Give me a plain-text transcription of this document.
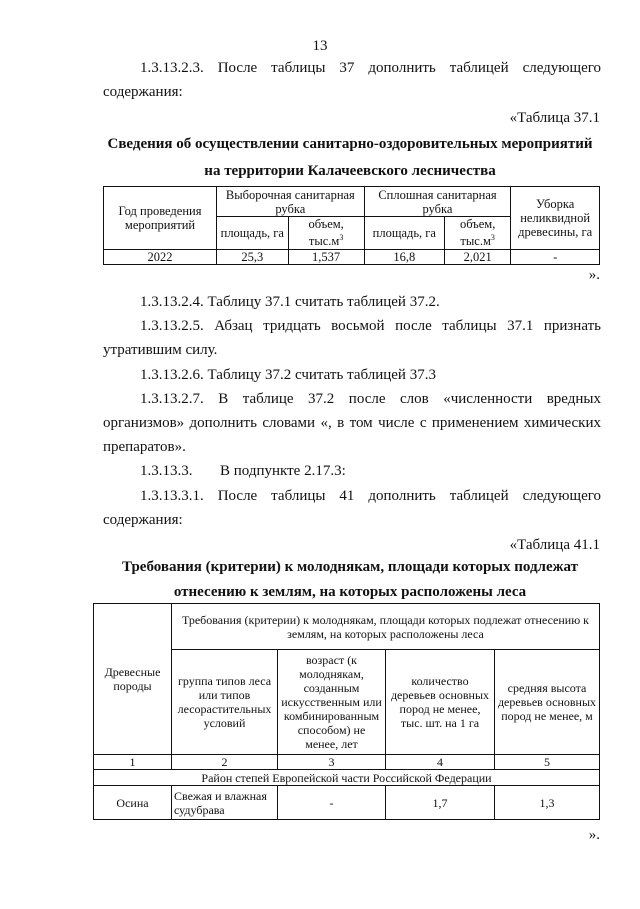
13
1.3.13.2.3. После таблицы 37 дополнить таблицей следующего
содержания:
«Таблица 37.1
Сведения об осуществлении санитарно-оздоровительных мероприятий
на территории Калачеевского лесничества
Год проведения мероприятий	Выборочная санитарная рубка		Сплошная санитарная рубка		Уборка неликвидной древесины, га
	площадь, га	объем, $тыс.м^3$	площадь, га	объем, $тыс.м^3$
2022	25,3	1,537	16,8	2,021	-
».
1.3.13.2.4. Таблицу 37.1 считать таблицей 37.2.
1.3.13.2.5. Абзац тридцать восьмой после таблицы 37.1 признать
утратившим силу.
1.3.13.2.6. Таблицу 37.2 считать таблицей 37.3
1.3.13.2.7. В таблице 37.2 после слов «численности вредных
организмов» дополнить словами «, в том числе с применением химических
препаратов».
1.3.13.3. В подпункте 2.17.3:
1.3.13.3.1. После таблицы 41 дополнить таблицей следующего
содержания:
«Таблица 41.1
Требования (критерии) к молоднякам, площади которых подлежат
отнесению к землям, на которых расположены леса
Древесные породы	Требования (критерии) к молоднякам, площади которых подлежат отнесению к землям, на которых расположены леса			
	группа типов леса или типов лесорастительных условий	возраст (к молоднякам, созданным искусственным или комбинированным способом) не менее, лет	количество деревьев основных пород не менее, тыс. шт. на 1 га	средняя высота деревьев основных пород не менее, м
1	2	3	4	5
Район степей Европейской части Российской Федерации				
Осина	Свежая и влажная судубрава	-	1,7	1,3
».
